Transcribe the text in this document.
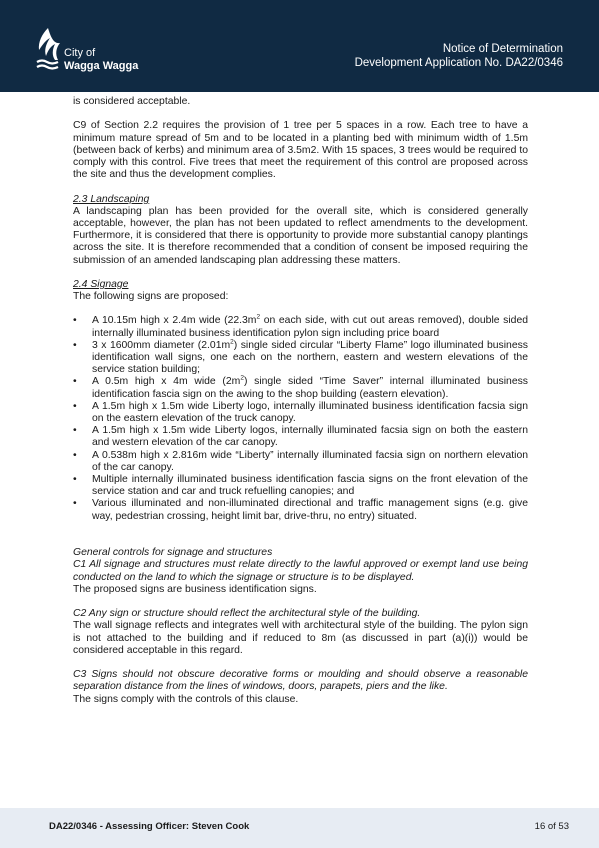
City of
Wagga Wagga
Notice of Determination
Development Application No. DA22/0346

is considered acceptable.

C9 of Section 2.2 requires the provision of 1 tree per 5 spaces in a row. Each tree to have a minimum mature spread of 5m and to be located in a planting bed with minimum width of 1.5m (between back of kerbs) and minimum area of 3.5m2. With 15 spaces, 3 trees would be required to comply with this control. Five trees that meet the requirement of this control are proposed across the site and thus the development complies.

2.3 Landscaping

A landscaping plan has been provided for the overall site, which is considered generally acceptable, however, the plan has not been updated to reflect amendments to the development. Furthermore, it is considered that there is opportunity to provide more substantial canopy plantings across the site. It is therefore recommended that a condition of consent be imposed requiring the submission of an amended landscaping plan addressing these matters.

2.4 Signage

The following signs are proposed:

•	A 10.15m high x 2.4m wide ($22.3m^2$ on each side, with cut out areas removed), double sided internally illuminated business identification pylon sign including price board
•	3 x 1600mm diameter $(2.01m^2)$ single sided circular “Liberty Flame” logo illuminated business identification wall signs, one each on the northern, eastern and western elevations of the service station building;
•	A 0.5m high x 4m wide $(2m^2)$ single sided “Time Saver” internal illuminated business identification fascia sign on the awing to the shop building (eastern elevation).
•	A 1.5m high x 1.5m wide Liberty logo, internally illuminated business identification facsia sign on the eastern elevation of the truck canopy.
•	A 1.5m high x 1.5m wide Liberty logos, internally illuminated facsia sign on both the eastern and western elevation of the car canopy.
•	A 0.538m high x 2.816m wide “Liberty” internally illuminated facsia sign on northern elevation of the car canopy.
•	Multiple internally illuminated business identification fascia signs on the front elevation of the service station and car and truck refuelling canopies; and
•	Various illuminated and non-illuminated directional and traffic management signs (e.g. give way, pedestrian crossing, height limit bar, drive-thru, no entry) situated.

General controls for signage and structures

C1 All signage and structures must relate directly to the lawful approved or exempt land use being conducted on the land to which the signage or structure is to be displayed.

The proposed signs are business identification signs.

C2 Any sign or structure should reflect the architectural style of the building.

The wall signage reflects and integrates well with architectural style of the building. The pylon sign is not attached to the building and if reduced to 8m (as discussed in part (a)(i)) would be considered acceptable in this regard.

C3 Signs should not obscure decorative forms or moulding and should observe a reasonable separation distance from the lines of windows, doors, parapets, piers and the like.

The signs comply with the controls of this clause.

DA22/0346 - Assessing Officer: Steven Cook	16 of 53
